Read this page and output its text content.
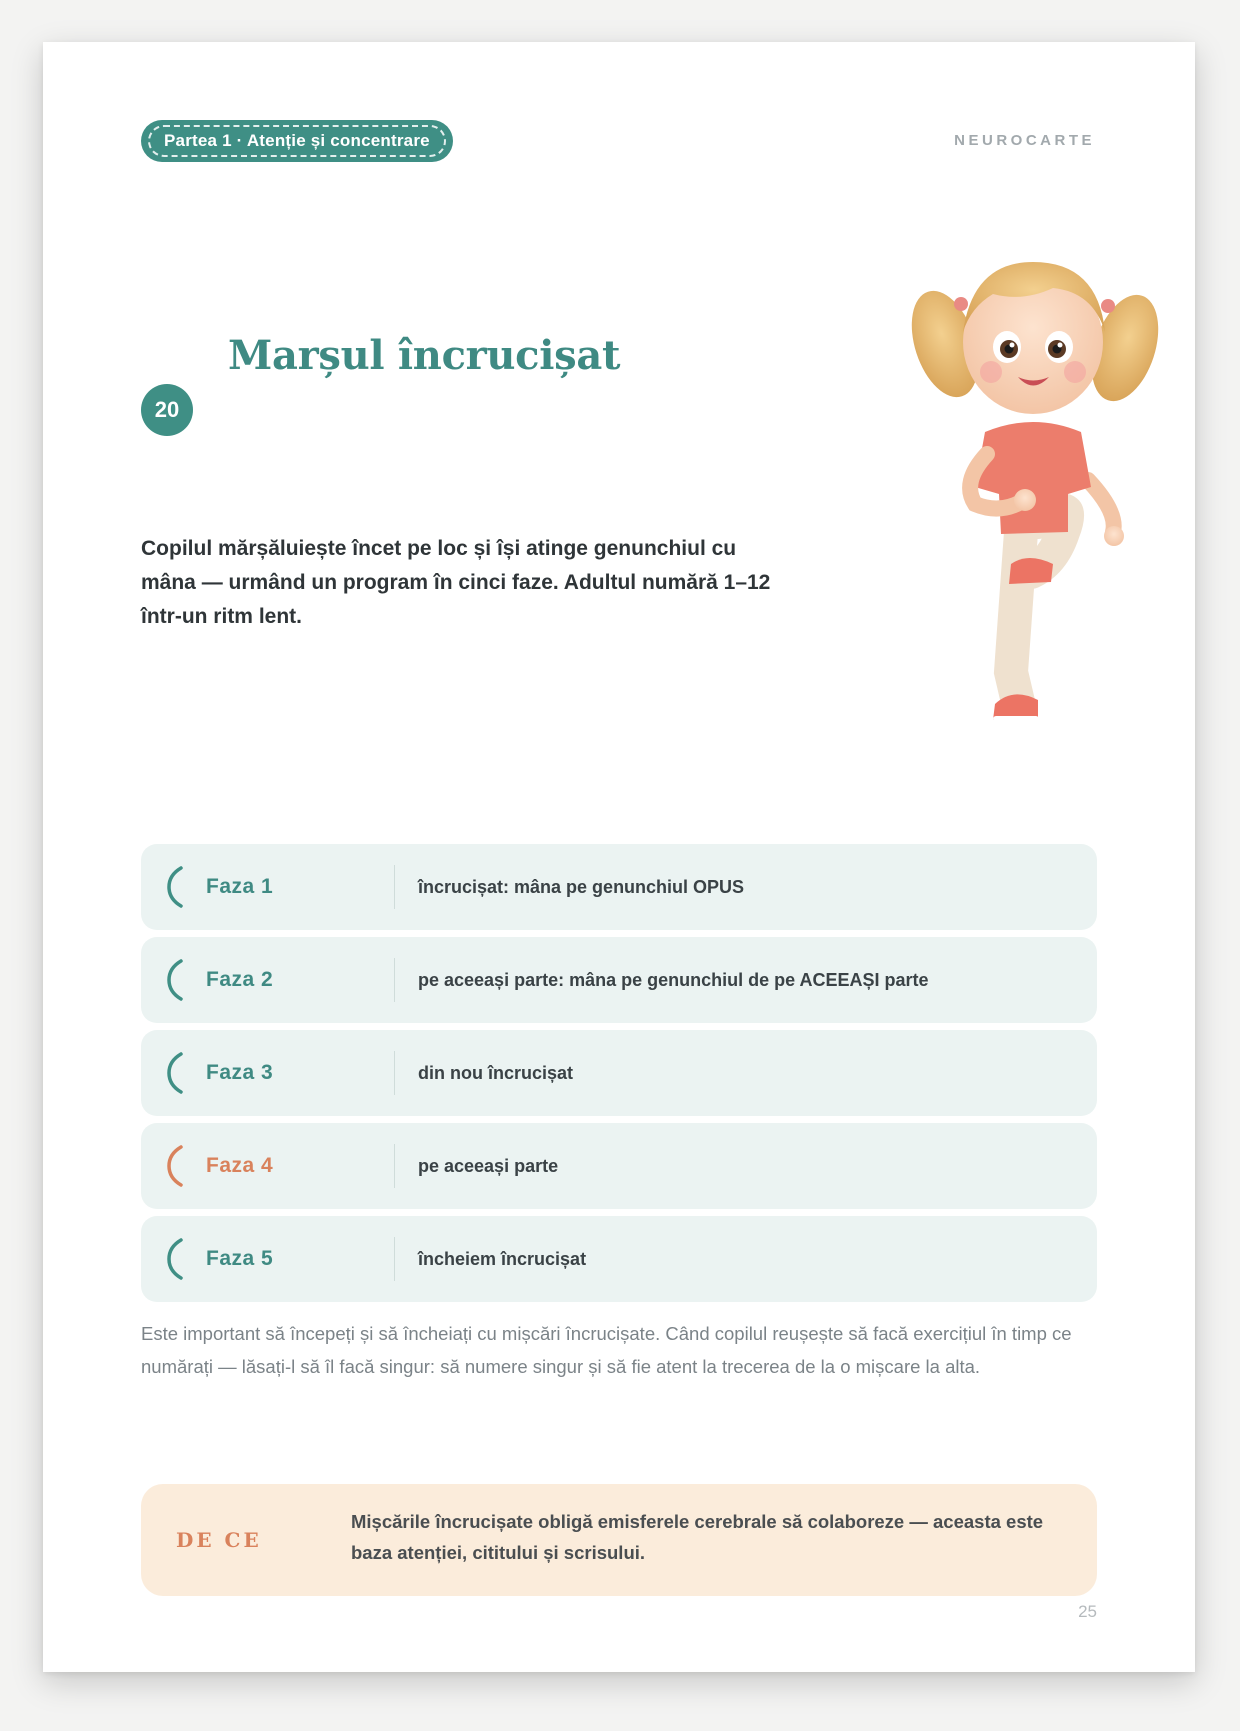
Partea 1 · Atenție și concentrare	NEUROCARTE
Marșul încrucișat
20

Copilul mărșăluiește încet pe loc și își atinge genunchiul cu mâna — urmând un program în cinci faze. Adultul numără 1–12 într-un ritm lent.

Faza 1	încrucișat: mâna pe genunchiul OPUS
Faza 2	pe aceeași parte: mâna pe genunchiul de pe ACEEAȘI parte
Faza 3	din nou încrucișat
Faza 4	pe aceeași parte
Faza 5	încheiem încrucișat

Este important să începeți și să încheiați cu mișcări încrucișate. Când copilul reușește să facă exercițiul în timp ce numărați — lăsați-l să îl facă singur: să numere singur și să fie atent la trecerea de la o mișcare la alta.

DE CE

Mișcările încrucișate obligă emisferele cerebrale să colaboreze — aceasta este baza atenției, cititului și scrisului.

25
